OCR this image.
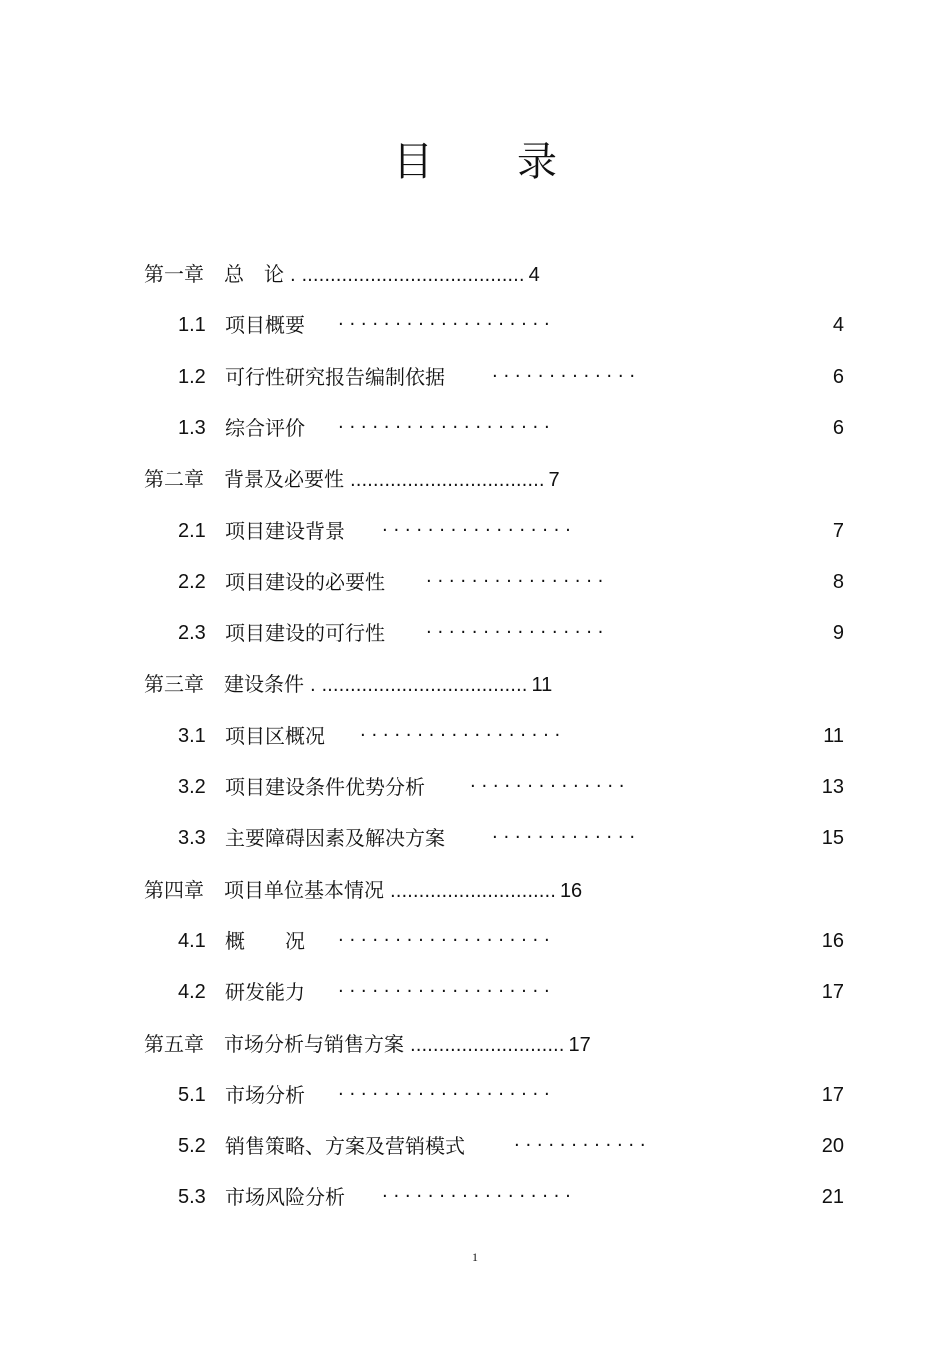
目 录
第一章 总　论 . ....................................... 4
1.1 项目概要 · · · · · · · · · · · · · · · · · · ·	4
1.2 可行性研究报告编制依据	· · · · · · · · · · · · ·	6
1.3 综合评价 · · · · · · · · · · · · · · · · · · ·	6
第二章 背景及必要性 .................................. 7
2.1 项目建设背景 · · · · · · · · · · · · · · · · ·	7
2.2 项目建设的必要性 · · · · · · · · · · · · · · · ·	8
2.3 项目建设的可行性 · · · · · · · · · · · · · · · ·	9
第三章 建设条件 . .................................... 11
3.1 项目区概况 · · · · · · · · · · · · · · · · · ·	11
3.2 项目建设条件优势分析	· · · · · · · · · · · · · ·	13
3.3 主要障碍因素及解决方案	· · · · · · · · · · · · ·	15
第四章 项目单位基本情况 ............................. 16
4.1 概　　况 · · · · · · · · · · · · · · · · · · ·	16
4.2 研发能力 · · · · · · · · · · · · · · · · · · ·	17
第五章 市场分析与销售方案 ........................... 17
5.1 市场分析 · · · · · · · · · · · · · · · · · · ·	17
5.2 销售策略、方案及营销模式	· · · · · · · · · · · ·	20
5.3 市场风险分析 · · · · · · · · · · · · · · · · ·	21
1
